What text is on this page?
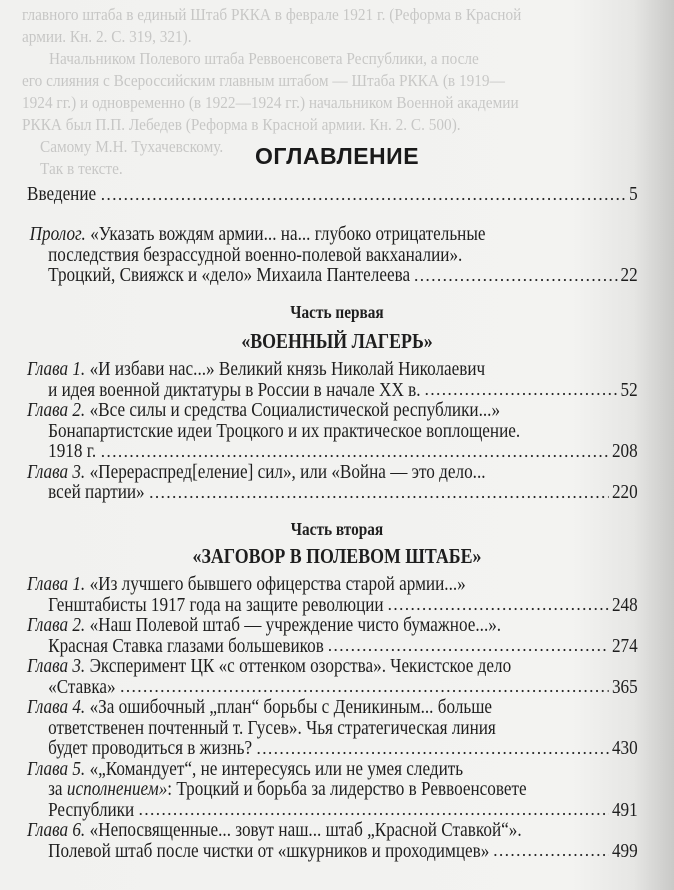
главного штаба в единый Штаб РККА в феврале 1921 г. (Реформа в Красной
армии. Кн. 2. С. 319, 321).
Начальником Полевого штаба Реввоенсовета Республики, а после
его слияния с Всероссийским главным штабом — Штаба РККА (в 1919—
1924 гг.) и одновременно (в 1922—1924 гг.) начальником Военной академии
РККА был П.П. Лебедев (Реформа в Красной армии. Кн. 2. С. 500).
Самому М.Н. Тухачевскому.
Так в тексте.	ОГЛАВЛЕНИЕ
Введение	5
Пролог. «Указать вождям армии... на... глубоко отрицательные
последствия безрассудной военно-полевой вакханалии».
Троцкий, Свияжск и «дело» Михаила Пантелеева	22
Часть первая
«ВОЕННЫЙ ЛАГЕРЬ»
Глава 1. «И избави нас...» Великий князь Николай Николаевич
и идея военной диктатуры в России в начале XX в.	52
Глава 2. «Все силы и средства Социалистической республики...»
Бонапартистские идеи Троцкого и их практическое воплощение.
1918 г.	208
Глава 3. «Перераспред[еление] сил», или «Война — это дело...
всей партии»	220
Часть вторая
«ЗАГОВОР В ПОЛЕВОМ ШТАБЕ»
Глава 1. «Из лучшего бывшего офицерства старой армии...»
Генштабисты 1917 года на защите революции	248
Глава 2. «Наш Полевой штаб — учреждение чисто бумажное...».
Красная Ставка глазами большевиков	274
Глава 3. Эксперимент ЦК «с оттенком озорства». Чекистское дело
«Ставка»	365
Глава 4. «За ошибочный „план“ борьбы с Деникиным... больше
ответственен почтенный т. Гусев». Чья стратегическая линия
будет проводиться в жизнь?	430
Глава 5. «„Командует“, не интересуясь или не умея следить
за исполнением»: Троцкий и борьба за лидерство в Реввоенсовете
Республики	491
Глава 6. «Непосвященные... зовут наш... штаб „Красной Ставкой“».
Полевой штаб после чистки от «шкурников и проходимцев»	499
